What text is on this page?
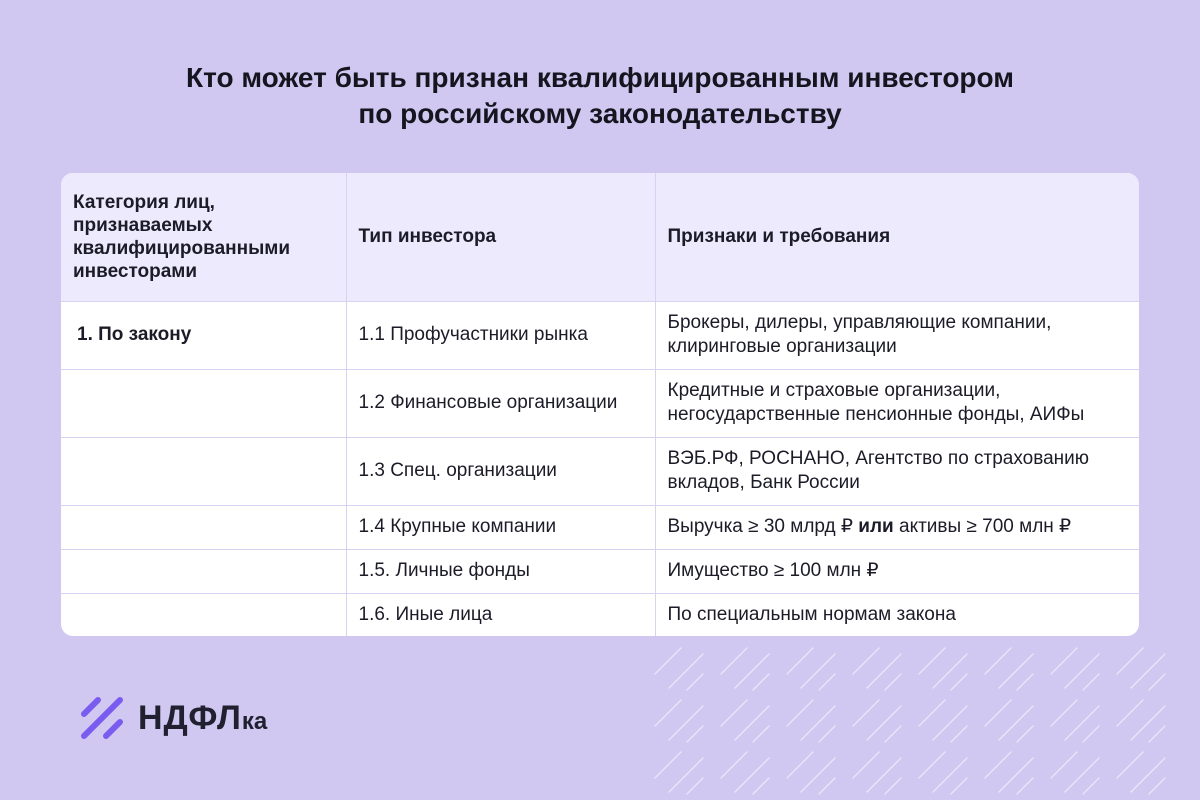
Кто может быть признан квалифицированным инвестором
по российскому законодательству
Категория лиц, признаваемых квалифицированными инвесторами	Тип инвестора	Признаки и требования
1. По закону	1.1 Профучастники рынка	Брокеры, дилеры, управляющие компании, клиринговые организации
	1.2 Финансовые организации	Кредитные и страховые организации, негосударственные пенсионные фонды, АИФы
	1.3 Спец. организации	ВЭБ.РФ, РОСНАНО, Агентство по страхованию вкладов, Банк России
	1.4 Крупные компании	Выручка ≥ 30 млрд ₽ или активы ≥ 700 млн ₽
	1.5. Личные фонды	Имущество ≥ 100 млн ₽
	1.6. Иные лица	По специальным нормам закона
НДФЛка
